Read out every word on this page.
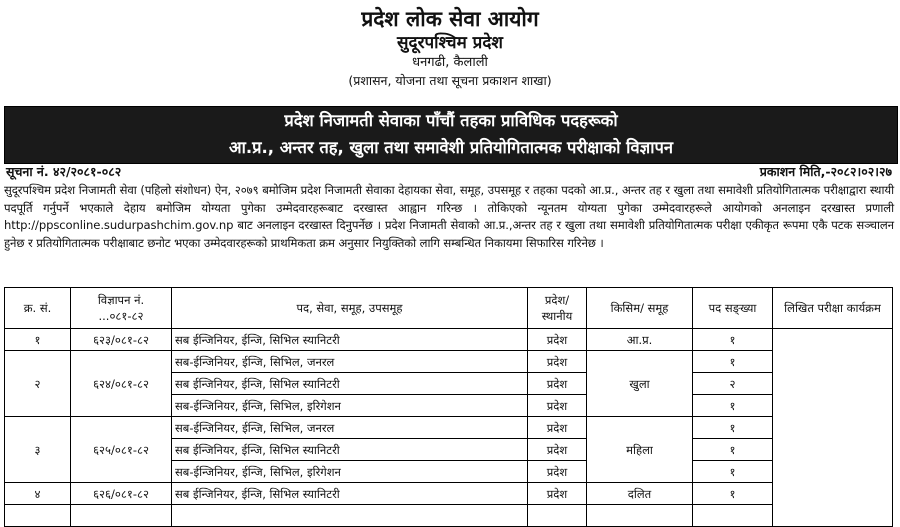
प्रदेश लोक सेवा आयोग
सुदूरपश्चिम प्रदेश
धनगढी, कैलाली
(प्रशासन, योजना तथा सूचना प्रकाशन शाखा)
प्रदेश निजामती सेवाका पाँचौं तहका प्राविधिक पदहरूको
आ.प्र., अन्तर तह, खुला तथा समावेशी प्रतियोगितात्मक परीक्षाको विज्ञापन
सूचना नं. ४२/२०८१-०८२	प्रकाशन मिति,-२०८२।०२।२७
सुदूरपश्चिम प्रदेश निजामती सेवा (पहिलो संशोधन) ऐन, २०७९ बमोजिम प्रदेश निजामती सेवाका देहायका सेवा, समूह, उपसमूह र तहका पदको आ.प्र., अन्तर तह र खुला तथा समावेशी प्रतियोगितात्मक परीक्षाद्वारा स्थायी पदपूर्ति गर्नुपर्ने भएकाले देहाय बमोजिम योग्यता पुगेका उम्मेदवारहरूबाट दरखास्त आह्वान गरिन्छ । तोकिएको न्यूनतम योग्यता पुगेका उम्मेदवारहरूले आयोगको अनलाइन दरखास्त प्रणाली http://ppsconline.sudurpashchim.gov.np बाट अनलाइन दरखास्त दिनुपर्नेछ । प्रदेश निजामती सेवाको आ.प्र.,अन्तर तह र खुला तथा समावेशी प्रतियोगितात्मक परीक्षा एकीकृत रूपमा एकै पटक सञ्चालन हुनेछ र प्रतियोगितात्मक परीक्षाबाट छनोट भएका उम्मेदवारहरूको प्राथमिकता क्रम अनुसार नियुक्तिको लागि सम्बन्धित निकायमा सिफारिस गरिनेछ ।
क्र. सं.	विज्ञापन नं. ...०८१-८२	पद, सेवा, समूह, उपसमूह	प्रदेश/ स्थानीय	किसिम/ समूह	पद सङ्ख्या	लिखित परीक्षा कार्यक्रम
१	६२३/०८१-८२	सब ईन्जिनियर, ईन्जि, सिभिल स्यानिटरी	प्रदेश	आ.प्र.	१	
२	६२४/०८१-८२	सब-ईन्जिनियर, ईन्जि, सिभिल, जनरल	प्रदेश	खुला	१	
		सब ईन्जिनियर, ईन्जि, सिभिल स्यानिटरी	प्रदेश		२	
		सब-ईन्जिनियर, ईन्जि, सिभिल, इरिगेशन	प्रदेश		१	
३	६२५/०८१-८२	सब-ईन्जिनियर, ईन्जि, सिभिल, जनरल	प्रदेश	महिला	१	
		सब ईन्जिनियर, ईन्जि, सिभिल स्यानिटरी	प्रदेश		१	
		सब-ईन्जिनियर, ईन्जि, सिभिल, इरिगेशन	प्रदेश		१	
४	६२६/०८१-८२	सब ईन्जिनियर, ईन्जि, सिभिल स्यानिटरी	प्रदेश	दलित	१	
